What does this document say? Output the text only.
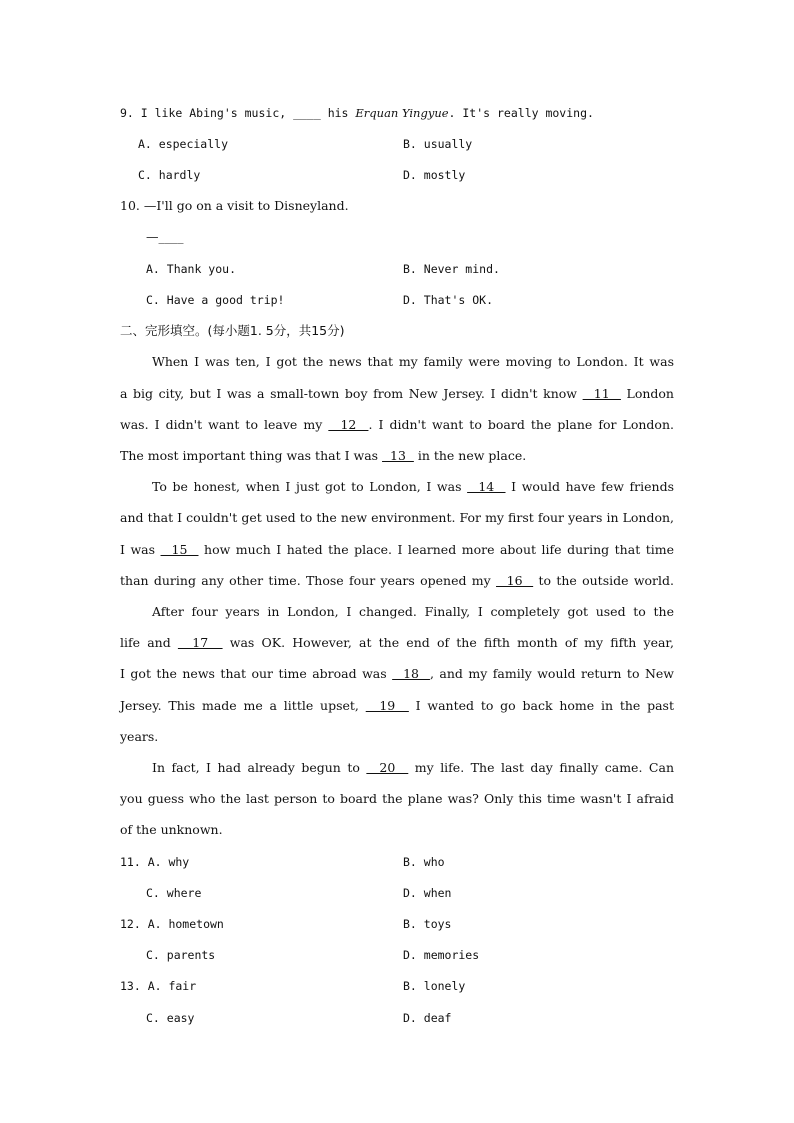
9. I like Abing's music, ____ his Erquan Yingyue. It's really moving.
A. especially	B. usually
C. hardly	D. mostly
10. —I'll go on a visit to Disneyland.
—____
A. Thank you.	B. Never mind.
C. Have a good trip!	D. That's OK.
二、完形填空。(每小题1. 5分，共15分)
When I was ten, I got the news that my family were moving to London. It was
a big city, but I was a small-town boy from New Jersey. I didn't know   11   London
was. I didn't want to leave my   12  . I didn't want to board the plane for London.
The most important thing was that I was   13   in the new place.
To be honest, when I just got to London, I was   14   I would have few friends
and that I couldn't get used to the new environment. For my first four years in London,
I was   15   how much I hated the place. I learned more about life during that time
than during any other time. Those four years opened my   16   to the outside world.
After four years in London, I changed. Finally, I completely got used to the
life and   17   was OK. However, at the end of the fifth month of my fifth year,
I got the news that our time abroad was   18  , and my family would return to New
Jersey. This made me a little upset,   19   I wanted to go back home in the past
years.
In fact, I had already begun to   20   my life. The last day finally came. Can
you guess who the last person to board the plane was? Only this time wasn't I afraid
of the unknown.
11. A. why	B. who
C. where	D. when
12. A. hometown	B. toys
C. parents	D. memories
13. A. fair	B. lonely
C. easy	D. deaf
